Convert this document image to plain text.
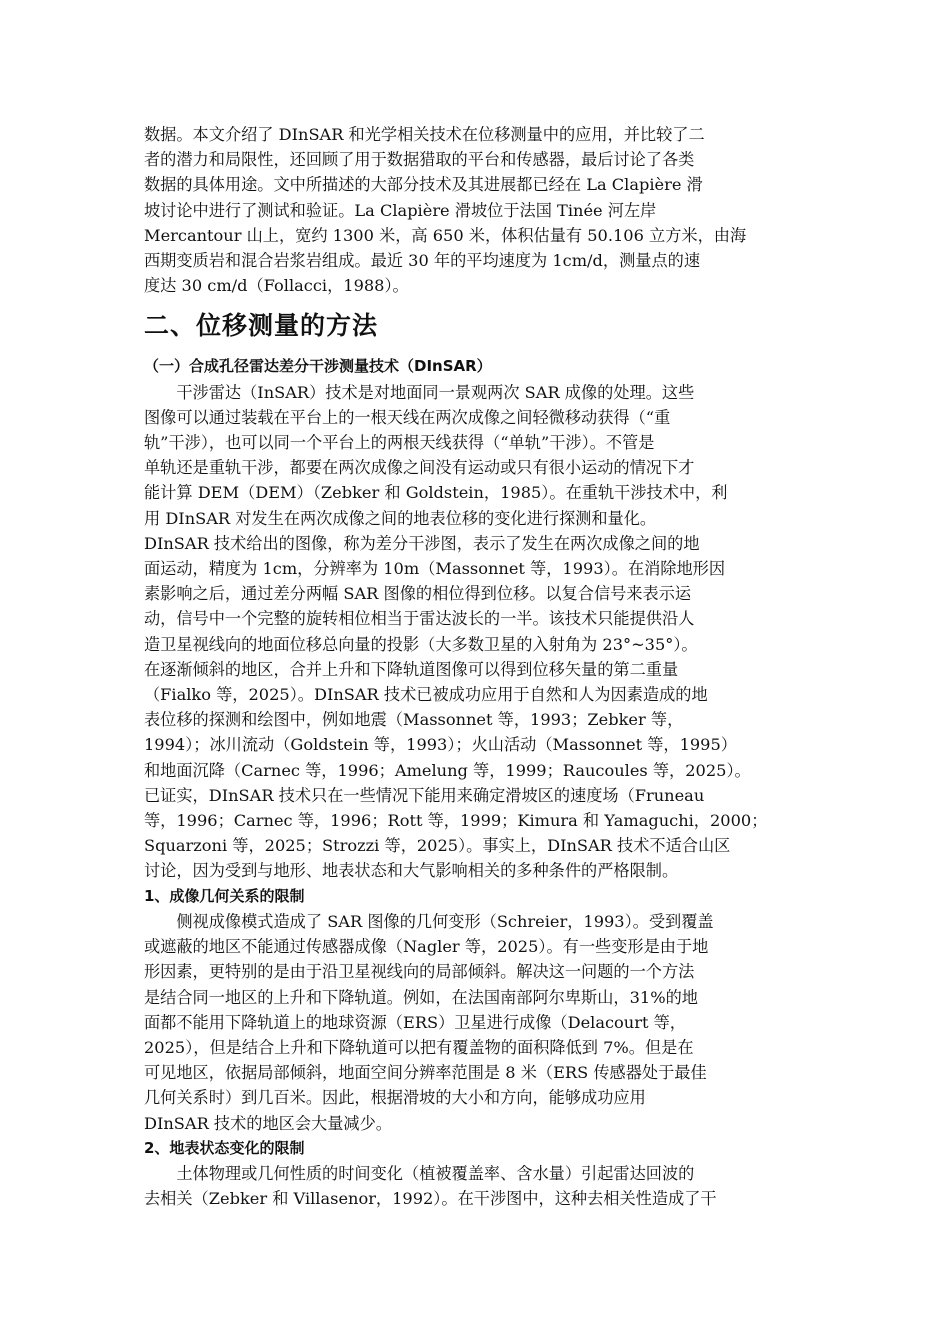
数据。本文介绍了 DInSAR 和光学相关技术在位移测量中的应用，并比较了二
者的潜力和局限性，还回顾了用于数据猎取的平台和传感器，最后讨论了各类
数据的具体用途。文中所描述的大部分技术及其进展都已经在 La Clapière 滑
坡讨论中进行了测试和验证。La Clapière 滑坡位于法国 Tinée 河左岸
Mercantour 山上，宽约 1300 米，高 650 米，体积估量有 50.106 立方米，由海
西期变质岩和混合岩浆岩组成。最近 30 年的平均速度为 1cm/d，测量点的速
度达 30 cm/d（Follacci，1988）。
二、位移测量的方法
（一）合成孔径雷达差分干涉测量技术（DInSAR）
　　干涉雷达（InSAR）技术是对地面同一景观两次 SAR 成像的处理。这些
图像可以通过装载在平台上的一根天线在两次成像之间轻微移动获得（“重
轨”干涉），也可以同一个平台上的两根天线获得（“单轨”干涉）。不管是
单轨还是重轨干涉，都要在两次成像之间没有运动或只有很小运动的情况下才
能计算 DEM（DEM）（Zebker 和 Goldstein，1985）。在重轨干涉技术中，利
用 DInSAR 对发生在两次成像之间的地表位移的变化进行探测和量化。
DInSAR 技术给出的图像，称为差分干涉图，表示了发生在两次成像之间的地
面运动，精度为 1cm，分辨率为 10m（Massonnet 等，1993）。在消除地形因
素影响之后，通过差分两幅 SAR 图像的相位得到位移。以复合信号来表示运
动，信号中一个完整的旋转相位相当于雷达波长的一半。该技术只能提供沿人
造卫星视线向的地面位移总向量的投影（大多数卫星的入射角为 23°~35°）。
在逐渐倾斜的地区，合并上升和下降轨道图像可以得到位移矢量的第二重量
（Fialko 等，2025）。DInSAR 技术已被成功应用于自然和人为因素造成的地
表位移的探测和绘图中，例如地震（Massonnet 等，1993；Zebker 等，
1994）；冰川流动（Goldstein 等，1993）；火山活动（Massonnet 等，1995）
和地面沉降（Carnec 等，1996；Amelung 等，1999；Raucoules 等，2025）。
已证实，DInSAR 技术只在一些情况下能用来确定滑坡区的速度场（Fruneau
等，1996；Carnec 等，1996；Rott 等，1999；Kimura 和 Yamaguchi，2000；
Squarzoni 等，2025；Strozzi 等，2025）。事实上，DInSAR 技术不适合山区
讨论，因为受到与地形、地表状态和大气影响相关的多种条件的严格限制。
1、成像几何关系的限制
　　侧视成像模式造成了 SAR 图像的几何变形（Schreier，1993）。受到覆盖
或遮蔽的地区不能通过传感器成像（Nagler 等，2025）。有一些变形是由于地
形因素，更特别的是由于沿卫星视线向的局部倾斜。解决这一问题的一个方法
是结合同一地区的上升和下降轨道。例如，在法国南部阿尔卑斯山，31%的地
面都不能用下降轨道上的地球资源（ERS）卫星进行成像（Delacourt 等，
2025），但是结合上升和下降轨道可以把有覆盖物的面积降低到 7%。但是在
可见地区，依据局部倾斜，地面空间分辨率范围是 8 米（ERS 传感器处于最佳
几何关系时）到几百米。因此，根据滑坡的大小和方向，能够成功应用
DInSAR 技术的地区会大量减少。
2、地表状态变化的限制
　　土体物理或几何性质的时间变化（植被覆盖率、含水量）引起雷达回波的
去相关（Zebker 和 Villasenor，1992）。在干涉图中，这种去相关性造成了干
